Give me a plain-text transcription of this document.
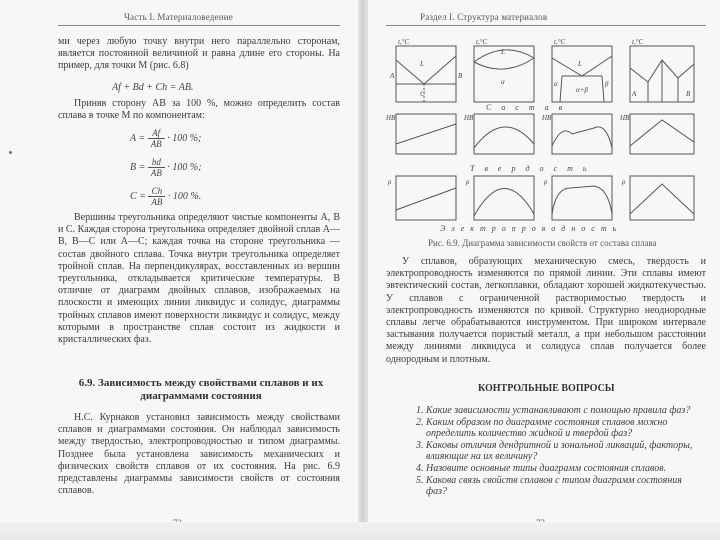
Часть I. Материаловедение

ми через любую точку внутри него параллельно сторонам, является постоянной величиной и равна длине его стороны. На пример, для точки M (рис. 6.8)

Af + Bd + Ch = AB.

Приняв сторону AB за 100 %, можно определить состав сплава в точке M по компонентам:

$A = \frac{Af}{AB} \cdot 100$ %;
$B = \frac{bd}{AB} \cdot 100$ %;
$C = \frac{Ch}{AB} \cdot 100$ %.

Вершины треугольника определяют чистые компоненты A, B и C. Каждая сторона треугольника определяет двойной сплав A—B, B—C или A—C; каждая точка на стороне треугольника — состав двойного сплава. Точка внутри треугольника определяет тройной сплав. На перпендикулярах, восставленных из вершин треугольника, откладывается критические температуры. В отличие от диаграмм двойных сплавов, изображаемых на плоскости и имеющих линии ликвидус и солидус, диаграммы тройных сплавов имеют поверхности ликвидус и солидус, между которыми в пространстве сплав состоит из жидкости и кристаллических фаз.

6.9. Зависимость между свойствами сплавов и их диаграммами состояния

Н.С. Курнаков установил зависимость между свойствами сплавов и диаграммами состояния. Он наблюдал зависимость между твердостью, электропроводностью и типом диаграммы. Позднее была установлена зависимость механических и физических свойств сплавов от их состояния. На рис. 6.9 представлены диаграммы зависимости свойств от состояния сплавов.

Раздел I. Структура материалов
t,°C	t,°C	t,°C	t,°C
A	B
L
C
L
α
L
α+β
α	β
A	B
HB	HB	HB	HB
ρ	ρ	ρ	ρ
С о с т а в
Т в е р д о с т ь
Э л е к т р о п р о в о д н о с т ь
Рис. 6.9. Диаграмма зависимости свойств от состава сплава

У сплавов, образующих механическую смесь, твердость и электропроводность изменяются по прямой линии. Эти сплавы имеют эвтектический состав, легкоплавки, обладают хорошей жидкотекучестью. У сплавов с ограниченной растворимостью твердость и электропроводность изменяются по кривой. Структурно неоднородные сплавы легче обрабатываются инструментом. При широком интервале застывания получается пористый металл, а при небольшом расстоянии между линиями ликвидуса и солидуса сплав получается более однородным и плотным.

КОНТРОЛЬНЫЕ ВОПРОСЫ
1. Какие зависимости устанавливают с помощью правила фаз?
2. Каким образом по диаграмме состояния сплавов можно определить количество жидкой и твердой фаз?
3. Каковы отличия дендритной и зональной ликваций, факторы, влияющие на их величину?
4. Назовите основные типы диаграмм состояния сплавов.
5. Какова связь свойств сплавов с типом диаграмм состояния фаз?
